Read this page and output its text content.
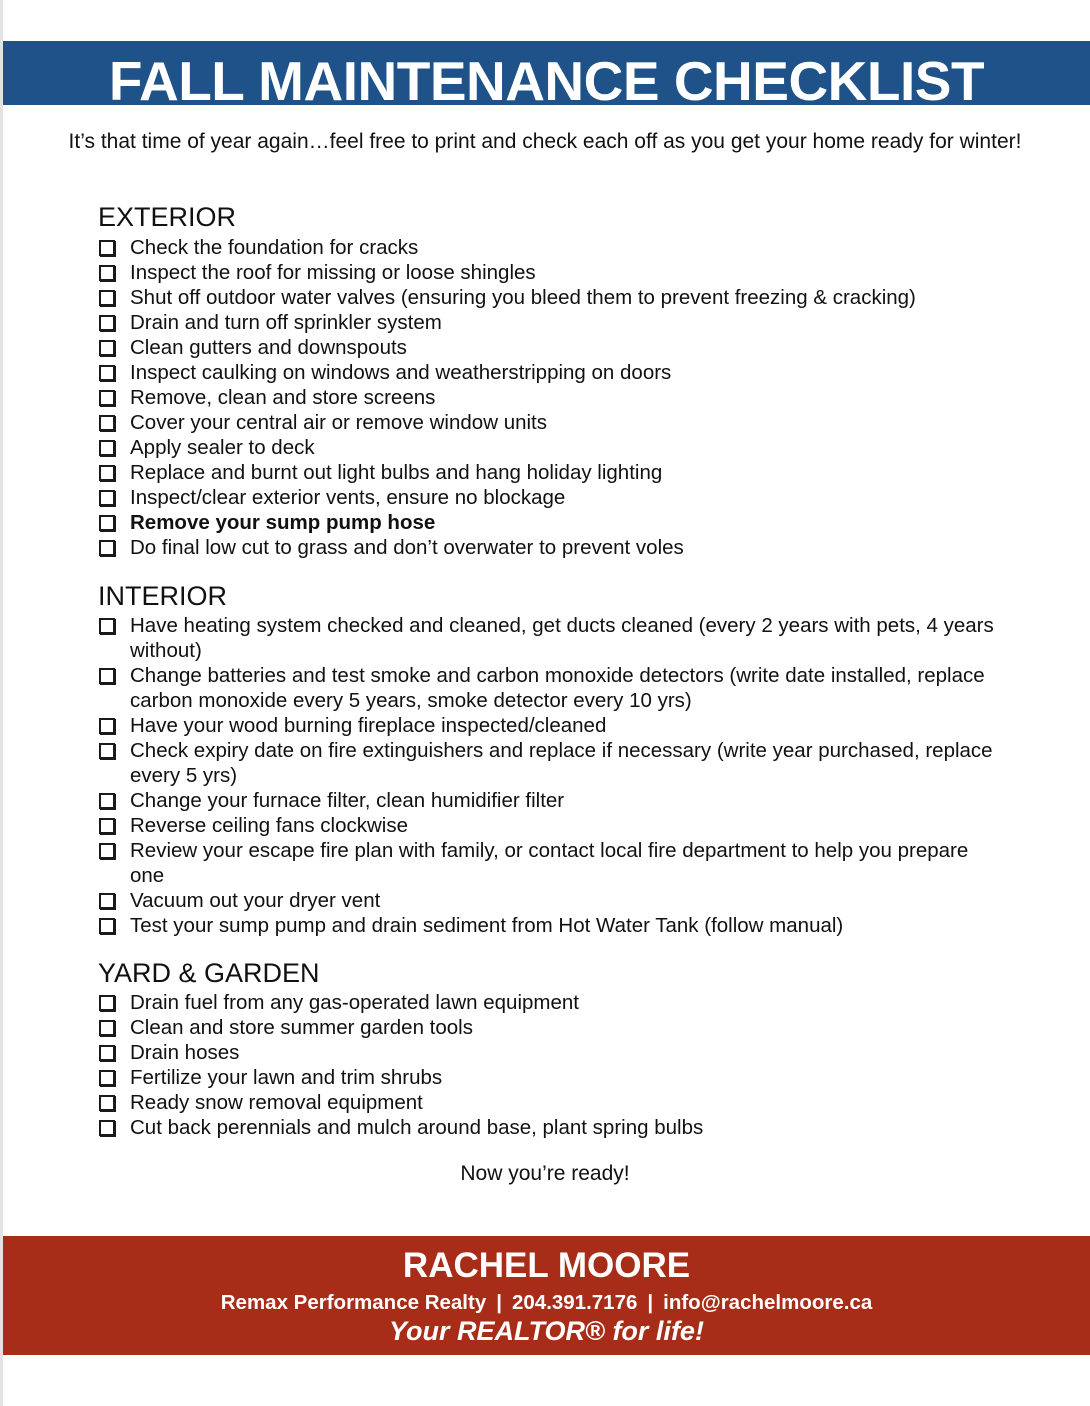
FALL MAINTENANCE CHECKLIST
It’s that time of year again…feel free to print and check each off as you get your home ready for winter!
EXTERIOR
Check the foundation for cracks
Inspect the roof for missing or loose shingles
Shut off outdoor water valves (ensuring you bleed them to prevent freezing & cracking)
Drain and turn off sprinkler system
Clean gutters and downspouts
Inspect caulking on windows and weatherstripping on doors
Remove, clean and store screens
Cover your central air or remove window units
Apply sealer to deck
Replace and burnt out light bulbs and hang holiday lighting
Inspect/clear exterior vents, ensure no blockage
Remove your sump pump hose
Do final low cut to grass and don’t overwater to prevent voles
INTERIOR
Have heating system checked and cleaned, get ducts cleaned (every 2 years with pets, 4 years without)
Change batteries and test smoke and carbon monoxide detectors (write date installed, replace carbon monoxide every 5 years, smoke detector every 10 yrs)
Have your wood burning fireplace inspected/cleaned
Check expiry date on fire extinguishers and replace if necessary (write year purchased, replace every 5 yrs)
Change your furnace filter, clean humidifier filter
Reverse ceiling fans clockwise
Review your escape fire plan with family, or contact local fire department to help you prepare one
Vacuum out your dryer vent
Test your sump pump and drain sediment from Hot Water Tank (follow manual)
YARD & GARDEN
Drain fuel from any gas-operated lawn equipment
Clean and store summer garden tools
Drain hoses
Fertilize your lawn and trim shrubs
Ready snow removal equipment
Cut back perennials and mulch around base, plant spring bulbs
Now you’re ready!
RACHEL MOORE
Remax Performance Realty | 204.391.7176 | info@rachelmoore.ca
Your REALTOR® for life!
